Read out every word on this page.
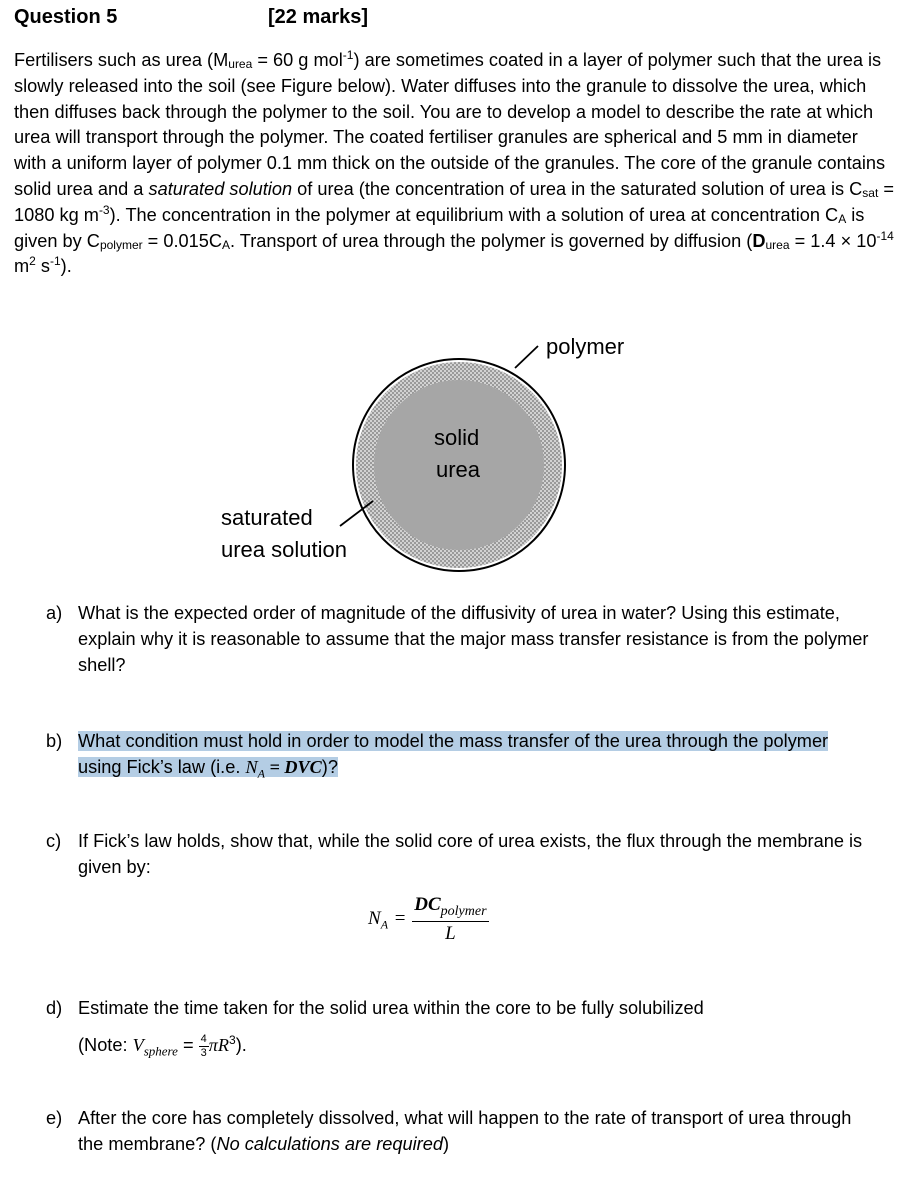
Question 5	[22 marks]
Fertilisers such as urea ($M_{urea} = 60$ g mol$^{-1}$) are sometimes coated in a layer of polymer such that the urea is slowly released into the soil (see Figure below). Water diffuses into the granule to dissolve the urea, which then diffuses back through the polymer to the soil. You are to develop a model to describe the rate at which urea will transport through the polymer. The coated fertiliser granules are spherical and 5 mm in diameter with a uniform layer of polymer 0.1 mm thick on the outside of the granules. The core of the granule contains solid urea and a saturated solution of urea (the concentration of urea in the saturated solution of urea is $C_{sat} = 1080$ kg $m^{-3}$). The concentration in the polymer at equilibrium with a solution of urea at concentration $C_A$ is given by $C_{polymer} = 0.015C_A$. Transport of urea through the polymer is governed by diffusion ($D_{urea} = 1.4 \times 10^{-14}$ $m^2$ $s^{-1}$).
polymer
solid
urea
saturated
urea solution
a) What is the expected order of magnitude of the diffusivity of urea in water? Using this estimate, explain why it is reasonable to assume that the major mass transfer resistance is from the polymer shell?
b) What condition must hold in order to model the mass transfer of the urea through the polymer using Fick’s law (i.e. $N_A = DVC$)?
c) If Fick’s law holds, show that, while the solid core of urea exists, the flux through the membrane is given by:
$N_A = \frac{DC_{polymer}}{L}$
d) Estimate the time taken for the solid urea within the core to be fully solubilized
(Note: $V_{sphere} = \frac{4}{3} \pi R^3$).
e) After the core has completely dissolved, what will happen to the rate of transport of urea through the membrane? (No calculations are required)
